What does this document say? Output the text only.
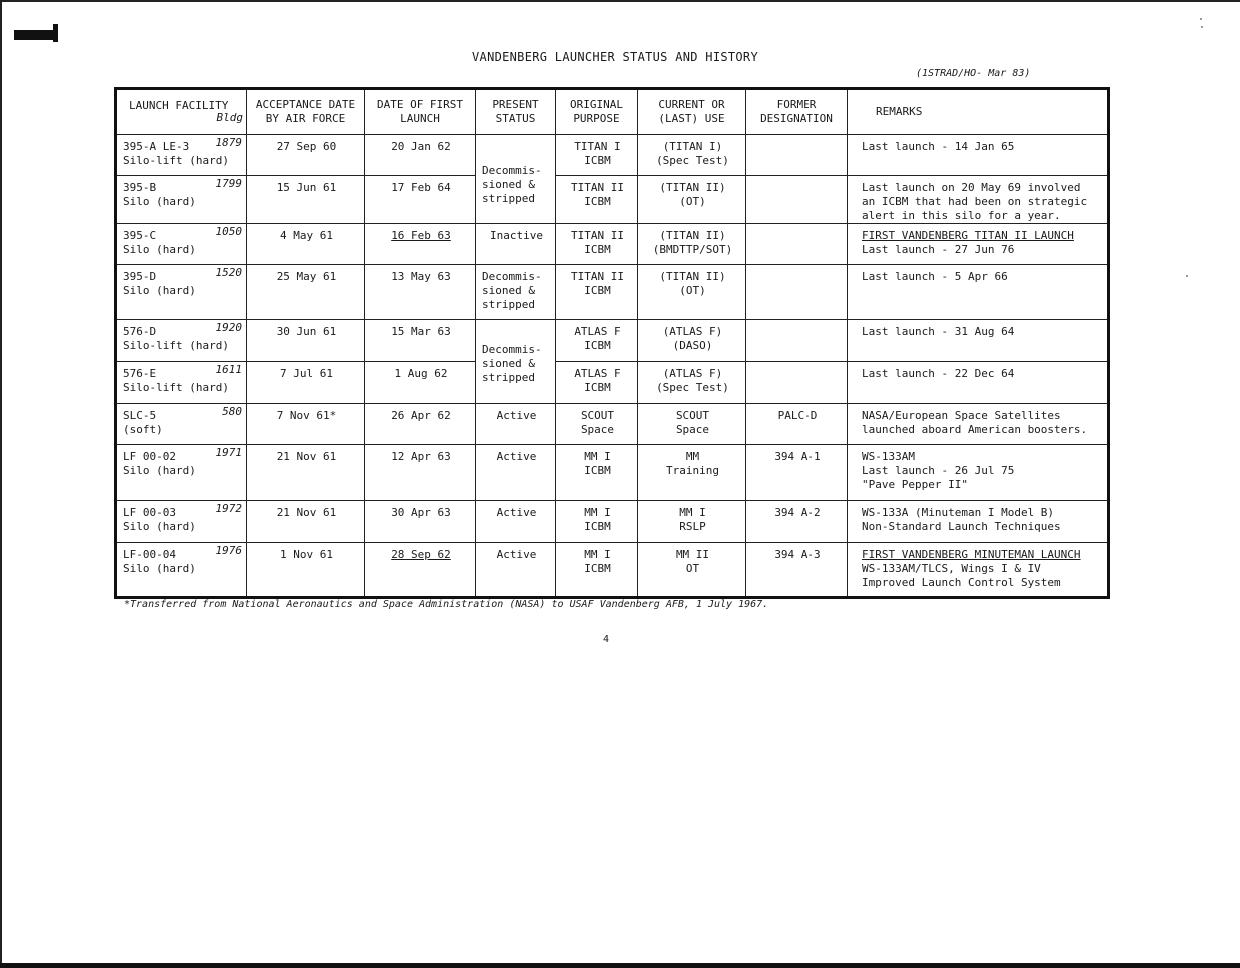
VANDENBERG LAUNCHER STATUS AND HISTORY
(1STRAD/HO- Mar 83)
LAUNCH FACILITY
Bldg	ACCEPTANCE DATE BY AIR FORCE	DATE OF FIRST LAUNCH	PRESENT STATUS	ORIGINAL PURPOSE	CURRENT OR (LAST) USE	FORMER DESIGNATION	REMARKS

1879
395-A LE-3
Silo-lift (hard)	27 Sep 60	20 Jan 62	Decommis-
sioned &
stripped	TITAN I
ICBM	(TITAN I)
(Spec Test)		Last launch - 14 Jan 65

1799
395-B
Silo (hard)	15 Jun 61	17 Feb 64		TITAN II
ICBM	(TITAN II)
(OT)		Last launch on 20 May 69 involved
an ICBM that had been on strategic
alert in this silo for a year.

1050
395-C
Silo (hard)	4 May 61	16 Feb 63	Inactive	TITAN II
ICBM	(TITAN II)
(BMDTTP/SOT)		FIRST VANDENBERG TITAN II LAUNCH
Last launch - 27 Jun 76

1520
395-D
Silo (hard)	25 May 61	13 May 63	Decommis-
sioned &
stripped	TITAN II
ICBM	(TITAN II)
(OT)		Last launch - 5 Apr 66

1920
576-D
Silo-lift (hard)	30 Jun 61	15 Mar 63	Decommis-
sioned &
stripped	ATLAS F
ICBM	(ATLAS F)
(DASO)		Last launch - 31 Aug 64

1611
576-E
Silo-lift (hard)	7 Jul 61	1 Aug 62		ATLAS F
ICBM	(ATLAS F)
(Spec Test)		Last launch - 22 Dec 64

580
SLC-5
(soft)	7 Nov 61*	26 Apr 62	Active	SCOUT
Space	SCOUT
Space	PALC-D	NASA/European Space Satellites
launched aboard American boosters.

1971
LF 00-02
Silo (hard)	21 Nov 61	12 Apr 63	Active	MM I
ICBM	MM
Training	394 A-1	WS-133AM
Last launch - 26 Jul 75
"Pave Pepper II"

1972
LF 00-03
Silo (hard)	21 Nov 61	30 Apr 63	Active	MM I
ICBM	MM I
RSLP	394 A-2	WS-133A (Minuteman I Model B)
Non-Standard Launch Techniques

1976
LF-00-04
Silo (hard)	1 Nov 61	28 Sep 62	Active	MM I
ICBM	MM II
OT	394 A-3	FIRST VANDENBERG MINUTEMAN LAUNCH
WS-133AM/TLCS, Wings I & IV
Improved Launch Control System
*Transferred from National Aeronautics and Space Administration (NASA) to USAF Vandenberg AFB, 1 July 1967.
4
